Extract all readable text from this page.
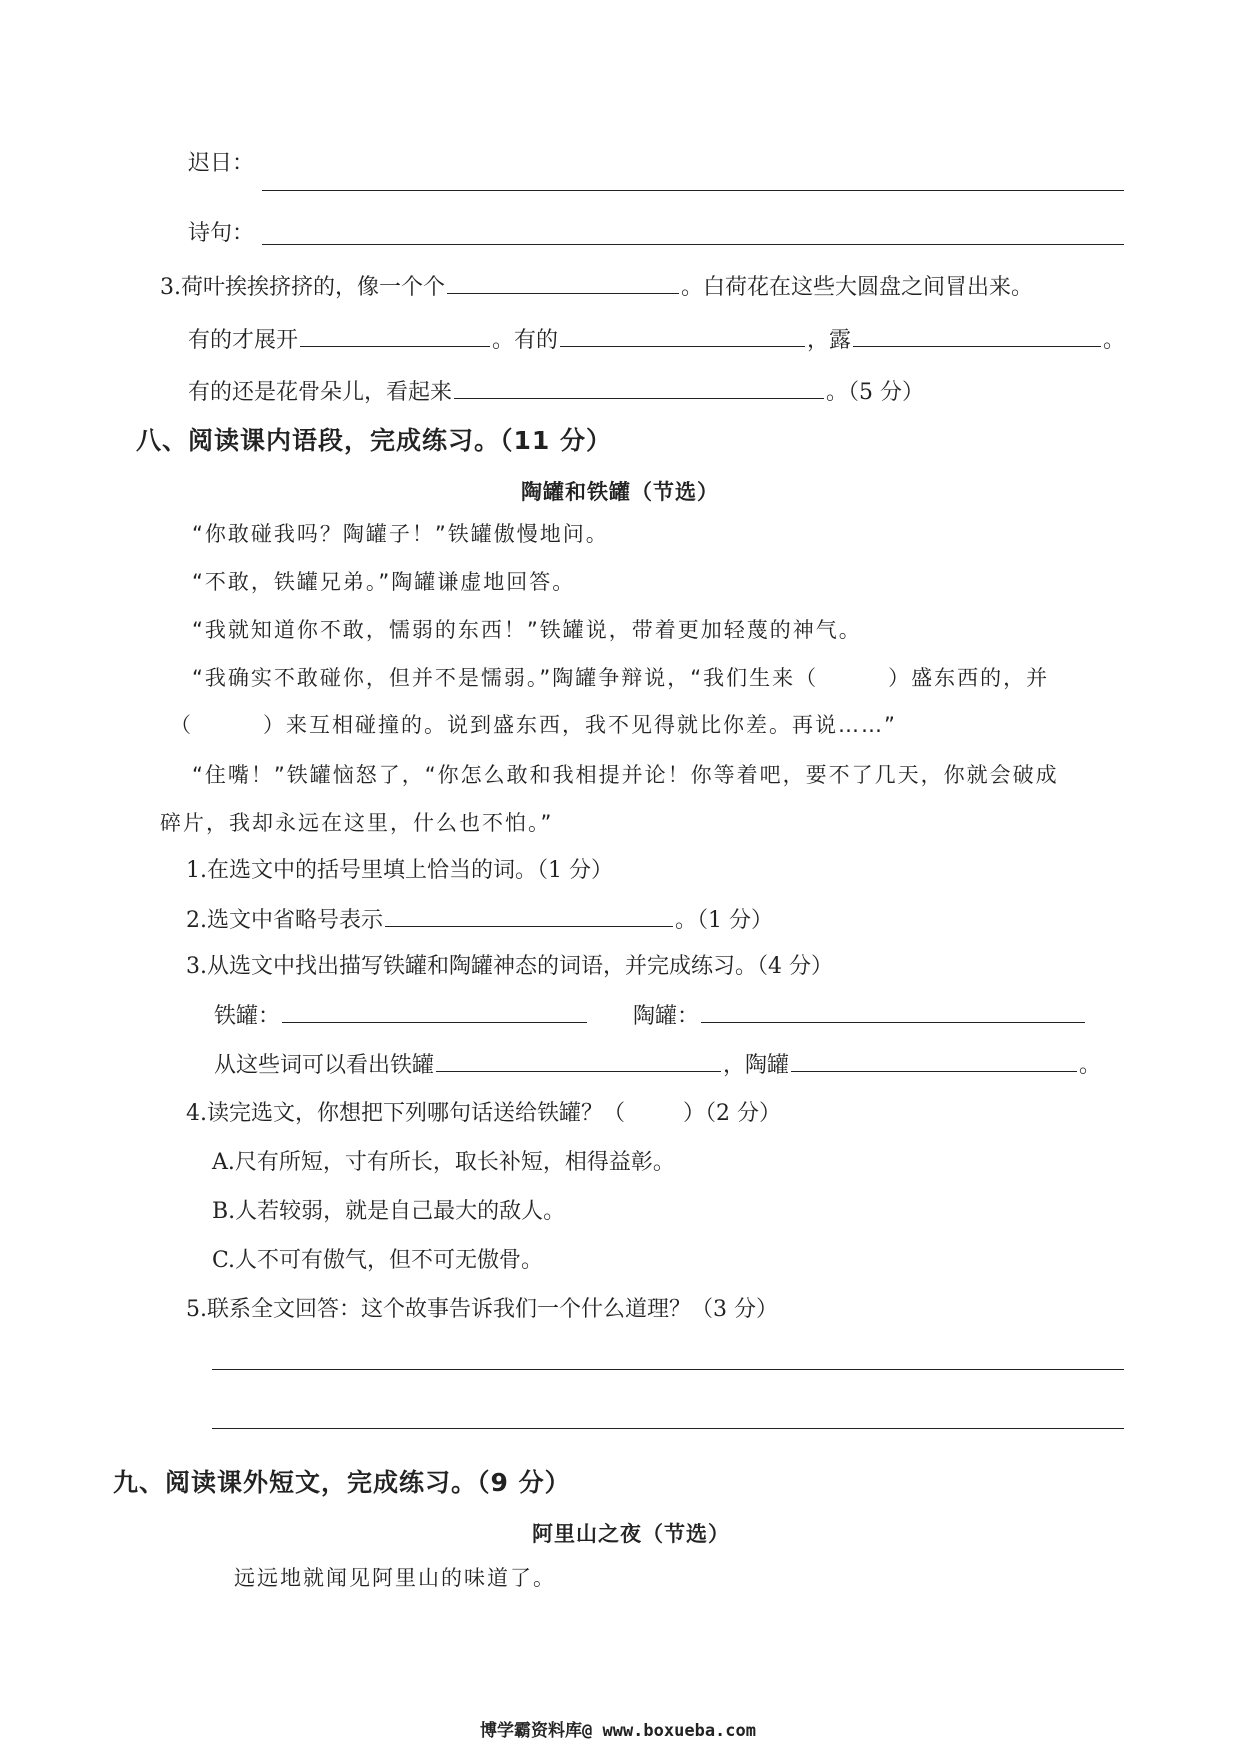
迟日：
诗句：
3.荷叶挨挨挤挤的，像一个个	。白荷花在这些大圆盘之间冒出来。
有的才展开	。有的	，露	。
有的还是花骨朵儿，看起来	。（5 分）
八、阅读课内语段，完成练习。（11 分）
陶罐和铁罐（节选）
“你敢碰我吗？陶罐子！”铁罐傲慢地问。
“不敢，铁罐兄弟。”陶罐谦虚地回答。
“我就知道你不敢，懦弱的东西！”铁罐说，带着更加轻蔑的神气。
“我确实不敢碰你，但并不是懦弱。”陶罐争辩说，“我们生来（	）盛东西的，并
（	）来互相碰撞的。说到盛东西，我不见得就比你差。再说……”
“住嘴！”铁罐恼怒了，“你怎么敢和我相提并论！你等着吧，要不了几天，你就会破成
碎片，我却永远在这里，什么也不怕。”
1.在选文中的括号里填上恰当的词。（1 分）
2.选文中省略号表示	。（1 分）
3.从选文中找出描写铁罐和陶罐神态的词语，并完成练习。（4 分）
铁罐：	陶罐：
从这些词可以看出铁罐	，陶罐	。
4.读完选文，你想把下列哪句话送给铁罐？（	）（2 分）
A.尺有所短，寸有所长，取长补短，相得益彰。
B.人若较弱，就是自己最大的敌人。
C.人不可有傲气，但不可无傲骨。
5.联系全文回答：这个故事告诉我们一个什么道理？（3 分）
九、阅读课外短文，完成练习。（9 分）
阿里山之夜（节选）
远远地就闻见阿里山的味道了。
博学霸资料库@ www.boxueba.com
